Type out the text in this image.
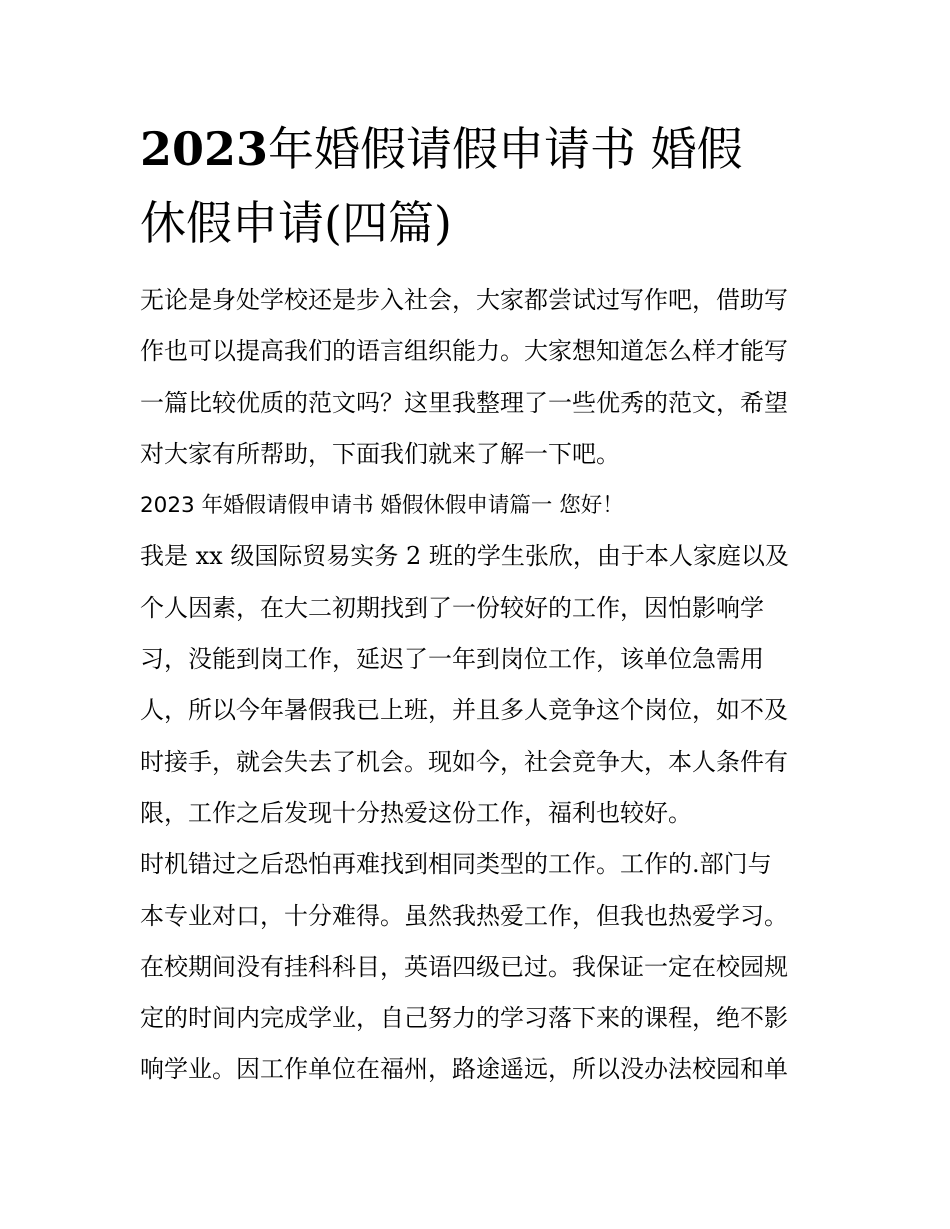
2023年婚假请假申请书 婚假
休假申请(四篇)
无论是身处学校还是步入社会，大家都尝试过写作吧，借助写
作也可以提高我们的语言组织能力。大家想知道怎么样才能写
一篇比较优质的范文吗？这里我整理了一些优秀的范文，希望
对大家有所帮助，下面我们就来了解一下吧。
2023 年婚假请假申请书 婚假休假申请篇一 您好！
我是 xx 级国际贸易实务 2 班的学生张欣，由于本人家庭以及
个人因素，在大二初期找到了一份较好的工作，因怕影响学
习，没能到岗工作，延迟了一年到岗位工作，该单位急需用
人，所以今年暑假我已上班，并且多人竞争这个岗位，如不及
时接手，就会失去了机会。现如今，社会竞争大，本人条件有
限，工作之后发现十分热爱这份工作，福利也较好。
时机错过之后恐怕再难找到相同类型的工作。工作的.部门与
本专业对口，十分难得。虽然我热爱工作，但我也热爱学习。
在校期间没有挂科科目，英语四级已过。我保证一定在校园规
定的时间内完成学业，自己努力的学习落下来的课程，绝不影
响学业。因工作单位在福州，路途遥远，所以没办法校园和单
